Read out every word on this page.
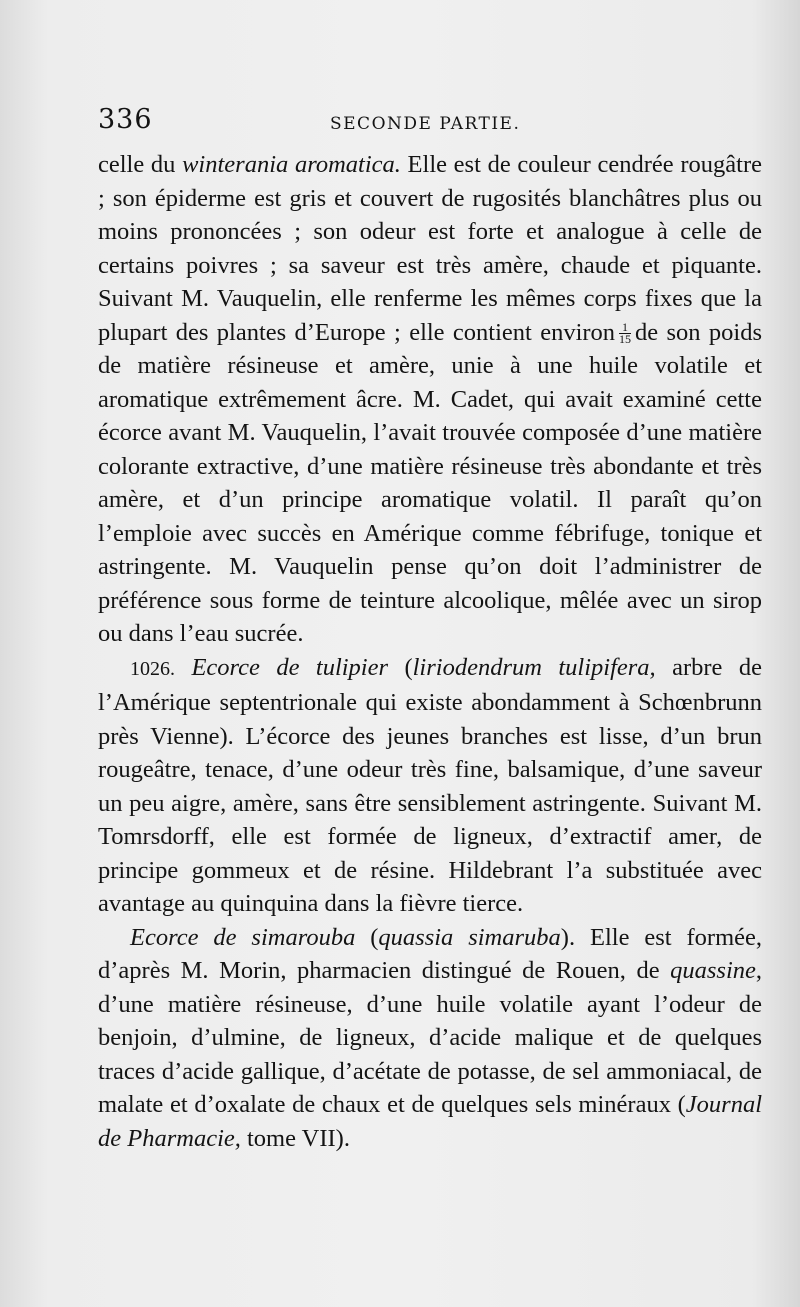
336	SECONDE PARTIE.

celle du winterania aromatica. Elle est de couleur cendrée rougâtre ; son épiderme est gris et couvert de rugosités blanchâtres plus ou moins prononcées ; son odeur est forte et analogue à celle de certains poivres ; sa saveur est très amère, chaude et piquante. Suivant M. Vauquelin, elle renferme les mêmes corps fixes que la plupart des plantes d’Europe ; elle contient environ $\frac{1}{15}$ de son poids de matière résineuse et amère, unie à une huile volatile et aromatique extrêmement âcre. M. Cadet, qui avait examiné cette écorce avant M. Vauquelin, l’avait trouvée composée d’une matière colorante extractive, d’une matière résineuse très abondante et très amère, et d’un principe aromatique volatil. Il paraît qu’on l’emploie avec succès en Amérique comme fébrifuge, tonique et astringente. M. Vauquelin pense qu’on doit l’administrer de préférence sous forme de teinture alcoolique, mêlée avec un sirop ou dans l’eau sucrée.

1026. Ecorce de tulipier (liriodendrum tulipifera, arbre de l’Amérique septentrionale qui existe abondamment à Schœnbrunn près Vienne). L’écorce des jeunes branches est lisse, d’un brun rougeâtre, tenace, d’une odeur très fine, balsamique, d’une saveur un peu aigre, amère, sans être sensiblement astringente. Suivant M. Tomrsdorff, elle est formée de ligneux, d’extractif amer, de principe gommeux et de résine. Hildebrant l’a substituée avec avantage au quinquina dans la fièvre tierce.

Ecorce de simarouba (quassia simaruba). Elle est formée, d’après M. Morin, pharmacien distingué de Rouen, de quassine, d’une matière résineuse, d’une huile volatile ayant l’odeur de benjoin, d’ulmine, de ligneux, d’acide malique et de quelques traces d’acide gallique, d’acétate de potasse, de sel ammoniacal, de malate et d’oxalate de chaux et de quelques sels minéraux (Journal de Pharmacie, tome VII).
